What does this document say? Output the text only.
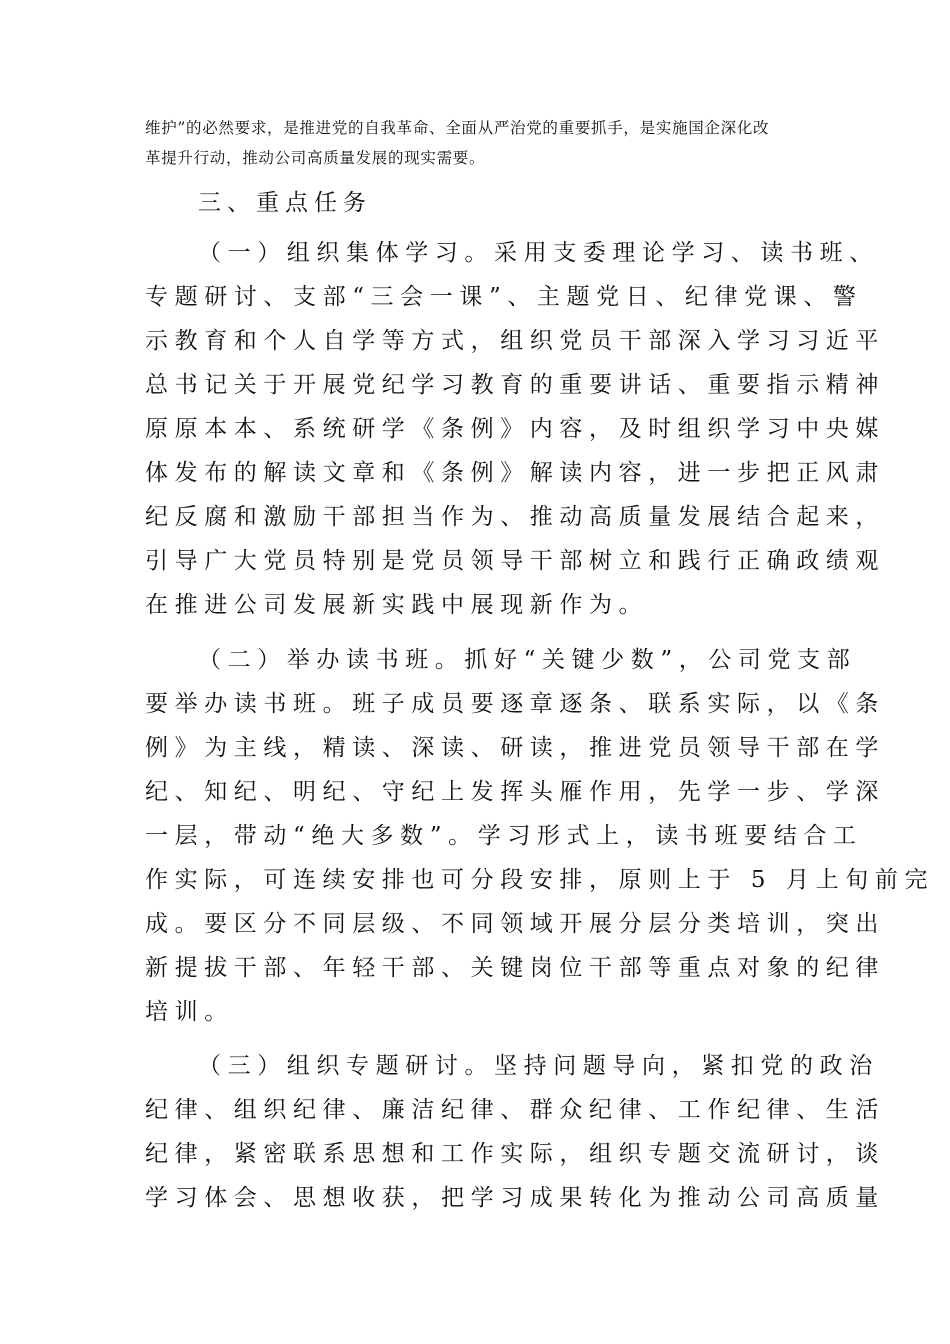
维护”的必然要求，是推进党的自我革命、全面从严治党的重要抓手，是实施国企深化改
革提升行动，推动公司高质量发展的现实需要。
三、重点任务
（一）组织集体学习。采用支委理论学习、读书班、
专题研讨、支部“三会一课”、主题党日、纪律党课、警
示教育和个人自学等方式，组织党员干部深入学习习近平
总书记关于开展党纪学习教育的重要讲话、重要指示精神
原原本本、系统研学《条例》内容，及时组织学习中央媒
体发布的解读文章和《条例》解读内容，进一步把正风肃
纪反腐和激励干部担当作为、推动高质量发展结合起来，
引导广大党员特别是党员领导干部树立和践行正确政绩观
在推进公司发展新实践中展现新作为。
（二）举办读书班。抓好“关键少数”，公司党支部
要举办读书班。班子成员要逐章逐条、联系实际，以《条
例》为主线，精读、深读、研读，推进党员领导干部在学
纪、知纪、明纪、守纪上发挥头雁作用，先学一步、学深
一层，带动“绝大多数”。学习形式上，读书班要结合工
作实际，可连续安排也可分段安排，原则上于 5 月上旬前完
成。要区分不同层级、不同领域开展分层分类培训，突出
新提拔干部、年轻干部、关键岗位干部等重点对象的纪律
培训。
（三）组织专题研讨。坚持问题导向，紧扣党的政治
纪律、组织纪律、廉洁纪律、群众纪律、工作纪律、生活
纪律，紧密联系思想和工作实际，组织专题交流研讨，谈
学习体会、思想收获，把学习成果转化为推动公司高质量
